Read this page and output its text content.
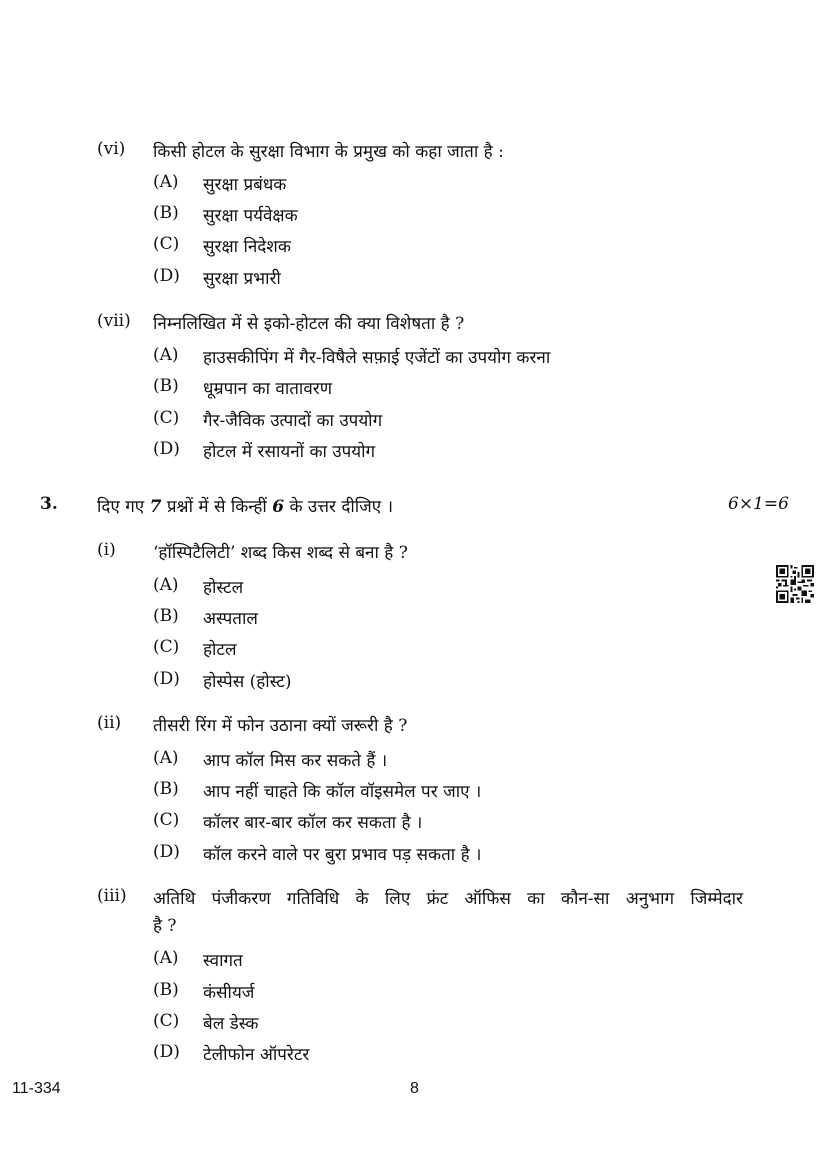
(vi) किसी होटल के सुरक्षा विभाग के प्रमुख को कहा जाता है :
(A) सुरक्षा प्रबंधक
(B) सुरक्षा पर्यवेक्षक
(C) सुरक्षा निदेशक
(D) सुरक्षा प्रभारी
(vii) निम्नलिखित में से इको-होटल की क्या विशेषता है ?
(A) हाउसकीपिंग में गैर-विषैले सफ़ाई एजेंटों का उपयोग करना
(B) धूम्रपान का वातावरण
(C) गैर-जैविक उत्पादों का उपयोग
(D) होटल में रसायनों का उपयोग
3. दिए गए 7 प्रश्नों में से किन्हीं 6 के उत्तर दीजिए ।	6×1=6
(i) ‘हॉस्पिटैलिटी’ शब्द किस शब्द से बना है ?
(A) होस्टल
(B) अस्पताल
(C) होटल
(D) होस्पेस (होस्ट)
(ii) तीसरी रिंग में फोन उठाना क्यों जरूरी है ?
(A) आप कॉल मिस कर सकते हैं ।
(B) आप नहीं चाहते कि कॉल वॉइसमेल पर जाए ।
(C) कॉलर बार-बार कॉल कर सकता है ।
(D) कॉल करने वाले पर बुरा प्रभाव पड़ सकता है ।
(iii) अतिथि पंजीकरण गतिविधि के लिए फ्रंट ऑफिस का कौन-सा अनुभाग जिम्मेदार
है ?
(A) स्वागत
(B) कंसीयर्ज
(C) बेल डेस्क
(D) टेलीफोन ऑपरेटर
11-334	8
